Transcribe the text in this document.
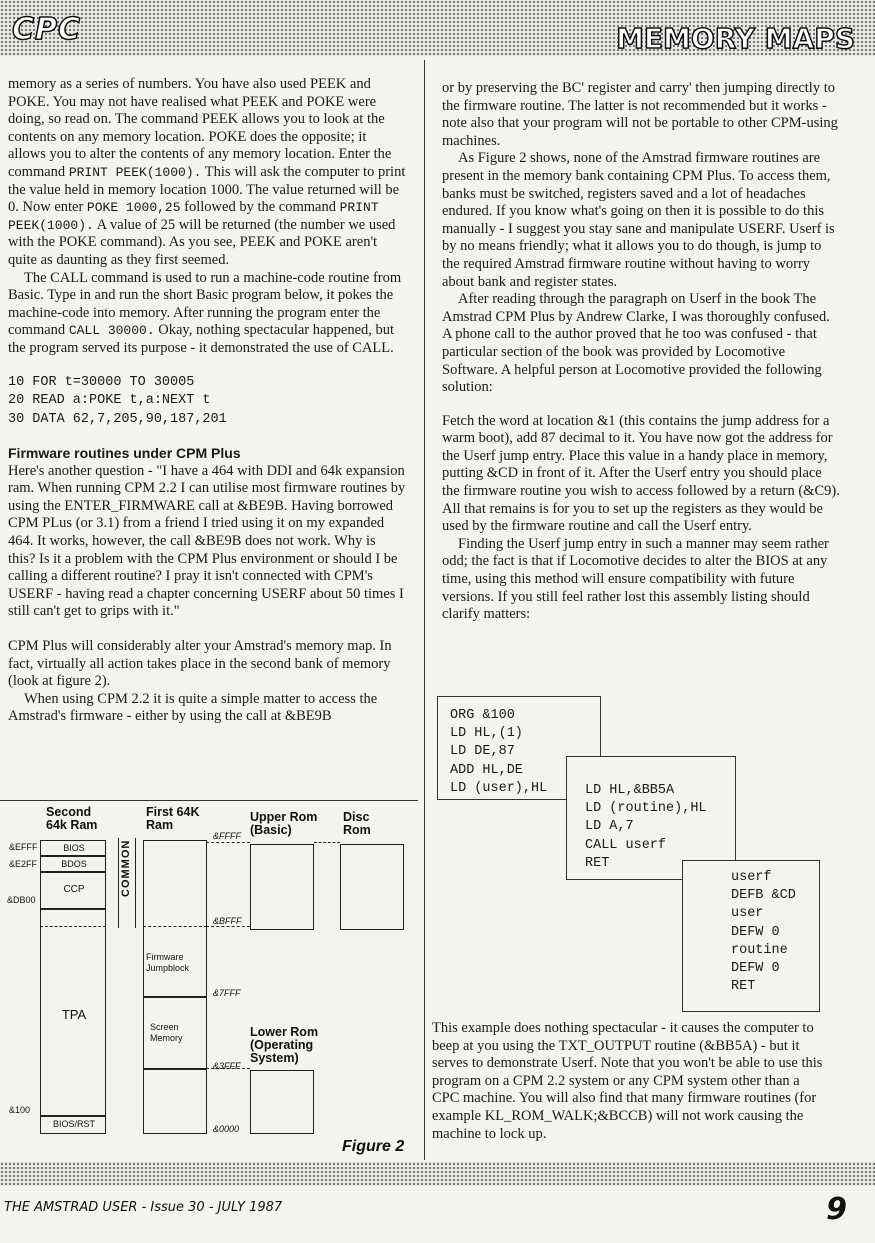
CPC	MEMORY MAPS

memory as a series of numbers. You have also used PEEK and POKE. You may not have realised what PEEK and POKE were doing, so read on. The command PEEK allows you to look at the contents on any memory location. POKE does the opposite; it allows you to alter the contents of any memory location. Enter the command PRINT PEEK(1000). This will ask the computer to print the value held in memory location 1000. The value returned will be 0. Now enter POKE 1000,25 followed by the command PRINT PEEK(1000). A value of 25 will be returned (the number we used with the POKE command). As you see, PEEK and POKE aren't quite as daunting as they first seemed.

The CALL command is used to run a machine-code routine from Basic. Type in and run the short Basic program below, it pokes the machine-code into memory. After running the program enter the command CALL 30000. Okay, nothing spectacular happened, but the program served its purpose - it demonstrated the use of CALL.

10 FOR t=30000 TO 30005
20 READ a:POKE t,a:NEXT t
30 DATA 62,7,205,90,187,201
Firmware routines under CPM Plus

Here's another question - "I have a 464 with DDI and 64k expansion ram. When running CPM 2.2 I can utilise most firmware routines by using the ENTER_FIRMWARE call at &BE9B. Having borrowed CPM PLus (or 3.1) from a friend I tried using it on my expanded 464. It works, however, the call &BE9B does not work. Why is this? Is it a problem with the CPM Plus environment or should I be calling a different routine? I pray it isn't connected with CPM's USERF - having read a chapter concerning USERF about 50 times I still can't get to grips with it."

CPM Plus will considerably alter your Amstrad's memory map. In fact, virtually all action takes place in the second bank of memory (look at figure 2).

When using CPM 2.2 it is quite a simple matter to access the Amstrad's firmware - either by using the call at &BE9B

Second
64k Ram
First 64K
Ram
Upper Rom
(Basic)
Disc
Rom
BIOS
BDOS
CCP
TPA
BIOS/RST
&EFFF
&E2FF
&DB00
&100
COMMON
Firmware
Jumpblock
Screen
Memory
&FFFF
&BFFF
&7FFF
&3FFF
&0000
Lower Rom
(Operating
System)
Figure 2

or by preserving the BC' register and carry' then jumping directly to the firmware routine. The latter is not recommended but it works - note also that your program will not be portable to other CPM-using machines.

As Figure 2 shows, none of the Amstrad firmware routines are present in the memory bank containing CPM Plus. To access them, banks must be switched, registers saved and a lot of headaches endured. If you know what's going on then it is possible to do this manually - I suggest you stay sane and manipulate USERF. Userf is by no means friendly; what it allows you to do though, is jump to the required Amstrad firmware routine without having to worry about bank and register states.

After reading through the paragraph on Userf in the book The Amstrad CPM Plus by Andrew Clarke, I was thoroughly confused. A phone call to the author proved that he too was confused - that particular section of the book was provided by Locomotive Software. A helpful person at Locomotive provided the following solution:

Fetch the word at location &1 (this contains the jump address for a warm boot), add 87 decimal to it. You have now got the address for the Userf jump entry. Place this value in a handy place in memory, putting &CD in front of it. After the Userf entry you should place the firmware routine you wish to access followed by a return (&C9). All that remains is for you to set up the registers as they would be used by the firmware routine and call the Userf entry.

Finding the Userf jump entry in such a manner may seem rather odd; the fact is that if Locomotive decides to alter the BIOS at any time, using this method will ensure compatibility with future versions. If you still feel rather lost this assembly listing should clarify matters:

ORG &100
LD HL,(1)
LD DE,87
ADD HL,DE
LD (user),HL	LD HL,&BB5A
LD (routine),HL
LD A,7
CALL userf
RET
userf
DEFB &CD
user
DEFW 0
routine
DEFW 0
RET

This example does nothing spectacular - it causes the computer to beep at you using the TXT_OUTPUT routine (&BB5A) - but it serves to demonstrate Userf. Note that you won't be able to use this program on a CPM 2.2 system or any CPM system other than a CPC machine. You will also find that many firmware routines (for example KL_ROM_WALK;&BCCB) will not work causing the machine to lock up.

THE AMSTRAD USER - Issue 30 - JULY 1987	9
